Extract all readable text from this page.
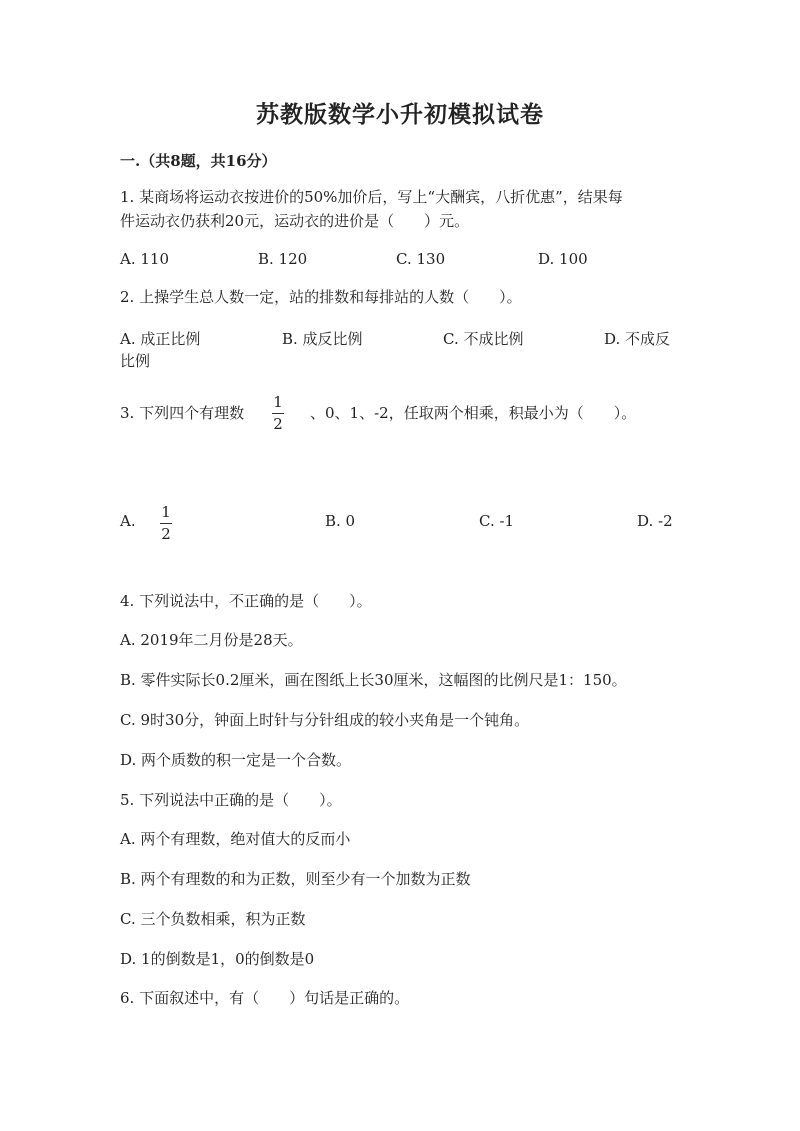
苏教版数学小升初模拟试卷
一.（共8题，共16分）
1. 某商场将运动衣按进价的50%加价后，写上“大酬宾，八折优惠”，结果每
件运动衣仍获利20元，运动衣的进价是（　　）元。
A. 110	B. 120	C. 130	D. 100
2. 上操学生总人数一定，站的排数和每排站的人数（　　）。
A. 成正比例	B. 成反比例	C. 不成比例	D. 不成反
比例
3. 下列四个有理数
1
2
、0、1、-2，任取两个相乘，积最小为（　　）。
A. 1
2
B. 0	C. -1	D. -2
4. 下列说法中，不正确的是（　　）。
A. 2019年二月份是28天。
B. 零件实际长0.2厘米，画在图纸上长30厘米，这幅图的比例尺是1：150。
C. 9时30分，钟面上时针与分针组成的较小夹角是一个钝角。
D. 两个质数的积一定是一个合数。
5. 下列说法中正确的是（　　）。
A. 两个有理数，绝对值大的反而小
B. 两个有理数的和为正数，则至少有一个加数为正数
C. 三个负数相乘，积为正数
D. 1的倒数是1，0的倒数是0
6. 下面叙述中，有（　　）句话是正确的。
